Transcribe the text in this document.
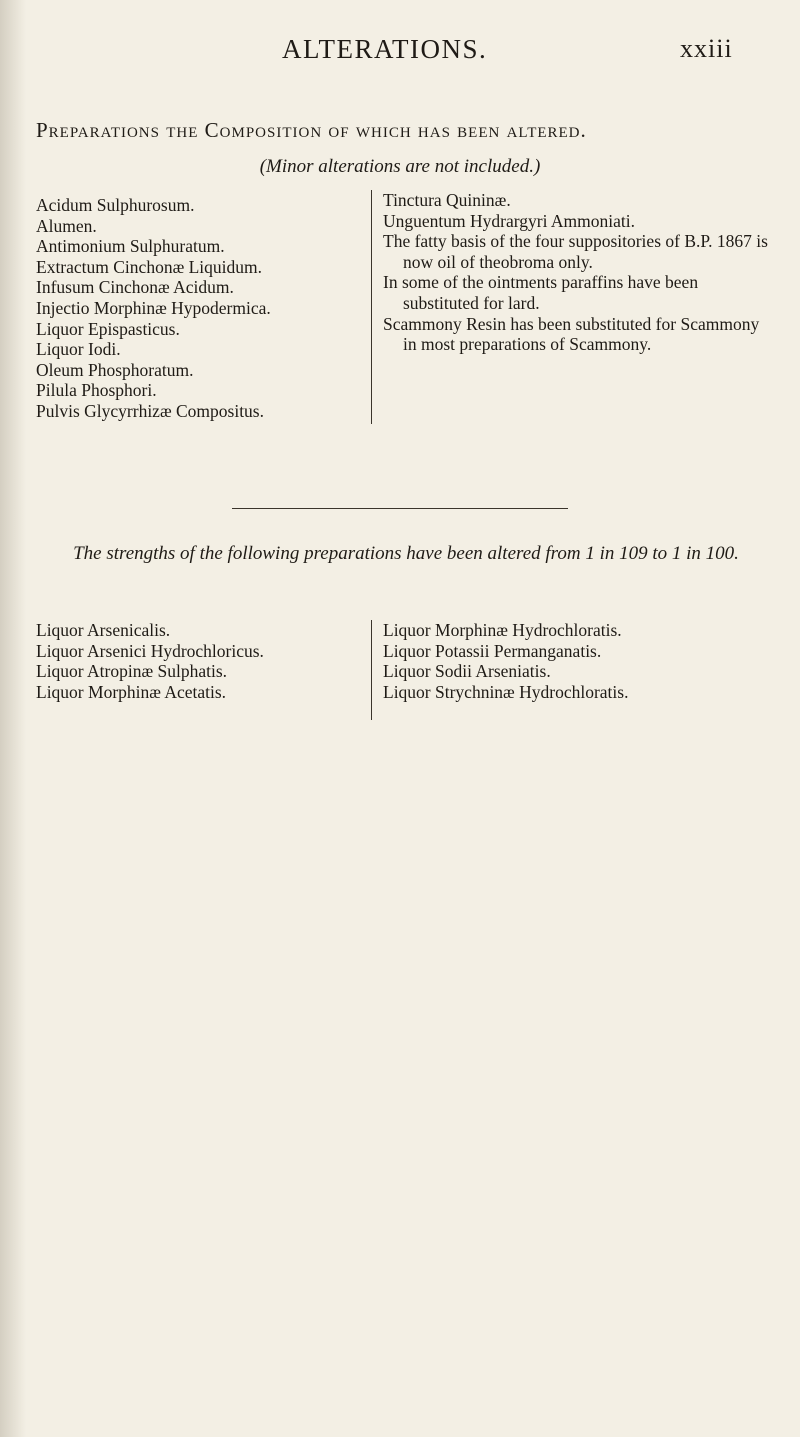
ALTERATIONS.	xxiii
Preparations the Composition of which has been altered.
(Minor alterations are not included.)
Acidum Sulphurosum.
Alumen.
Antimonium Sulphuratum.
Extractum Cinchonæ Liquidum.
Infusum Cinchonæ Acidum.
Injectio Morphinæ Hypodermica.
Liquor Epispasticus.
Liquor Iodi.
Oleum Phosphoratum.
Pilula Phosphori.
Pulvis Glycyrrhizæ Compositus.
Tinctura Quininæ.
Unguentum Hydrargyri Ammoniati.
The fatty basis of the four suppositories of B.P. 1867 is now oil of theobroma only.
In some of the ointments paraffins have been substituted for lard.
Scammony Resin has been substituted for Scammony in most preparations of Scammony.
The strengths of the following preparations have been altered from 1 in 109 to 1 in 100.
Liquor Arsenicalis.
Liquor Arsenici Hydrochloricus.
Liquor Atropinæ Sulphatis.
Liquor Morphinæ Acetatis.
Liquor Morphinæ Hydrochloratis.
Liquor Potassii Permanganatis.
Liquor Sodii Arseniatis.
Liquor Strychninæ Hydrochloratis.
